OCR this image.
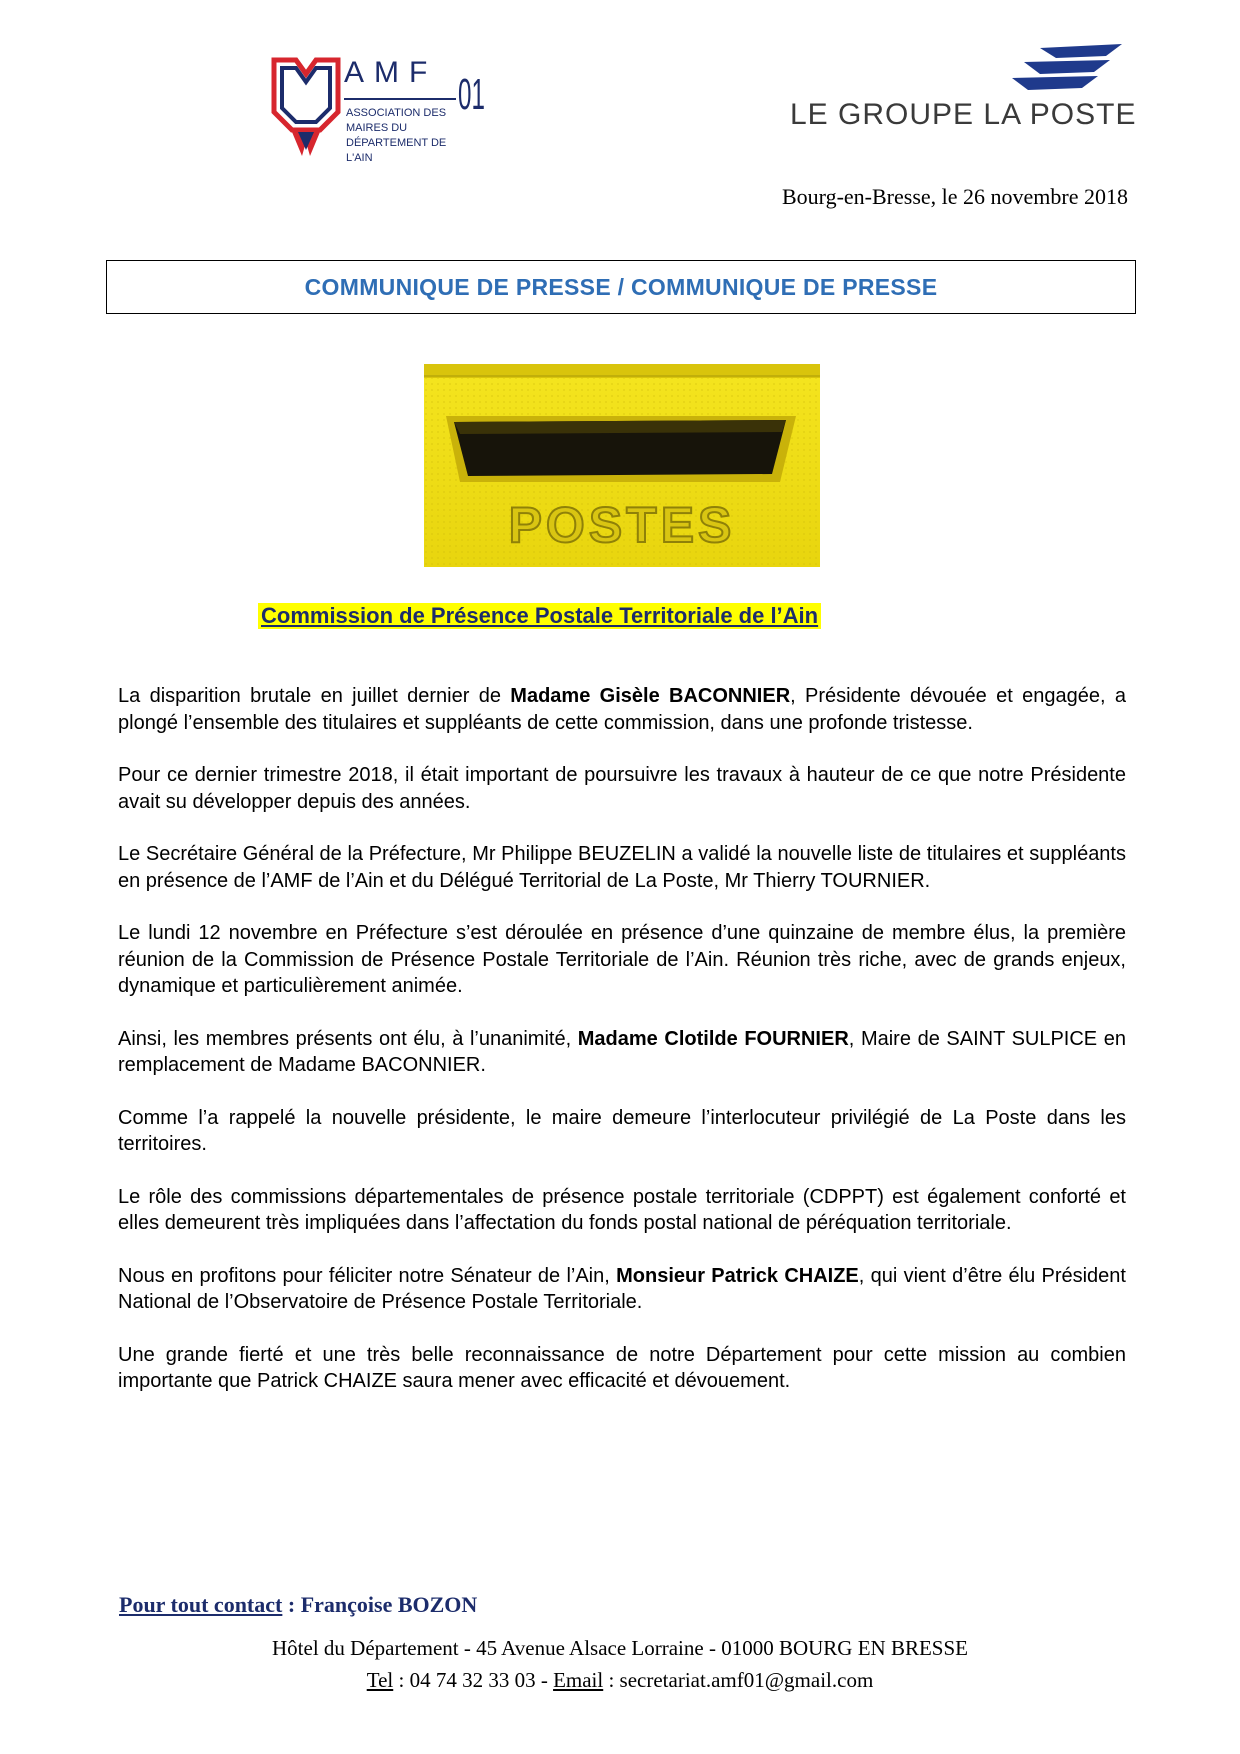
AMF
ASSOCIATION DES MAIRES DU DÉPARTEMENT DE L'AIN
01	LE GROUPE LA POSTE
Bourg-en-Bresse, le 26 novembre 2018
COMMUNIQUE DE PRESSE / COMMUNIQUE DE PRESSE
POSTES
Commission de Présence Postale Territoriale de l’Ain

La disparition brutale en juillet dernier de Madame Gisèle BACONNIER, Présidente dévouée et engagée, a plongé l’ensemble des titulaires et suppléants de cette commission, dans une profonde tristesse.

Pour ce dernier trimestre 2018, il était important de poursuivre les travaux à hauteur de ce que notre Présidente avait su développer depuis des années.

Le Secrétaire Général de la Préfecture, Mr Philippe BEUZELIN a validé la nouvelle liste de titulaires et suppléants en présence de l’AMF de l’Ain et du Délégué Territorial de La Poste, Mr Thierry TOURNIER.

Le lundi 12 novembre en Préfecture s’est déroulée en présence d’une quinzaine de membre élus, la première réunion de la Commission de Présence Postale Territoriale de l’Ain. Réunion très riche, avec de grands enjeux, dynamique et particulièrement animée.

Ainsi, les membres présents ont élu, à l’unanimité, Madame Clotilde FOURNIER, Maire de SAINT SULPICE en remplacement de Madame BACONNIER.

Comme l’a rappelé la nouvelle présidente, le maire demeure l’interlocuteur privilégié de La Poste dans les territoires.

Le rôle des commissions départementales de présence postale territoriale (CDPPT) est également conforté et elles demeurent très impliquées dans l’affectation du fonds postal national de péréquation territoriale.

Nous en profitons pour féliciter notre Sénateur de l’Ain, Monsieur Patrick CHAIZE, qui vient d’être élu Président National de l’Observatoire de Présence Postale Territoriale.

Une grande fierté et une très belle reconnaissance de notre Département pour cette mission au combien importante que Patrick CHAIZE saura mener avec efficacité et dévouement.

Pour tout contact : Françoise BOZON
Hôtel du Département - 45 Avenue Alsace Lorraine - 01000 BOURG EN BRESSE
Tel : 04 74 32 33 03 - Email : secretariat.amf01@gmail.com
